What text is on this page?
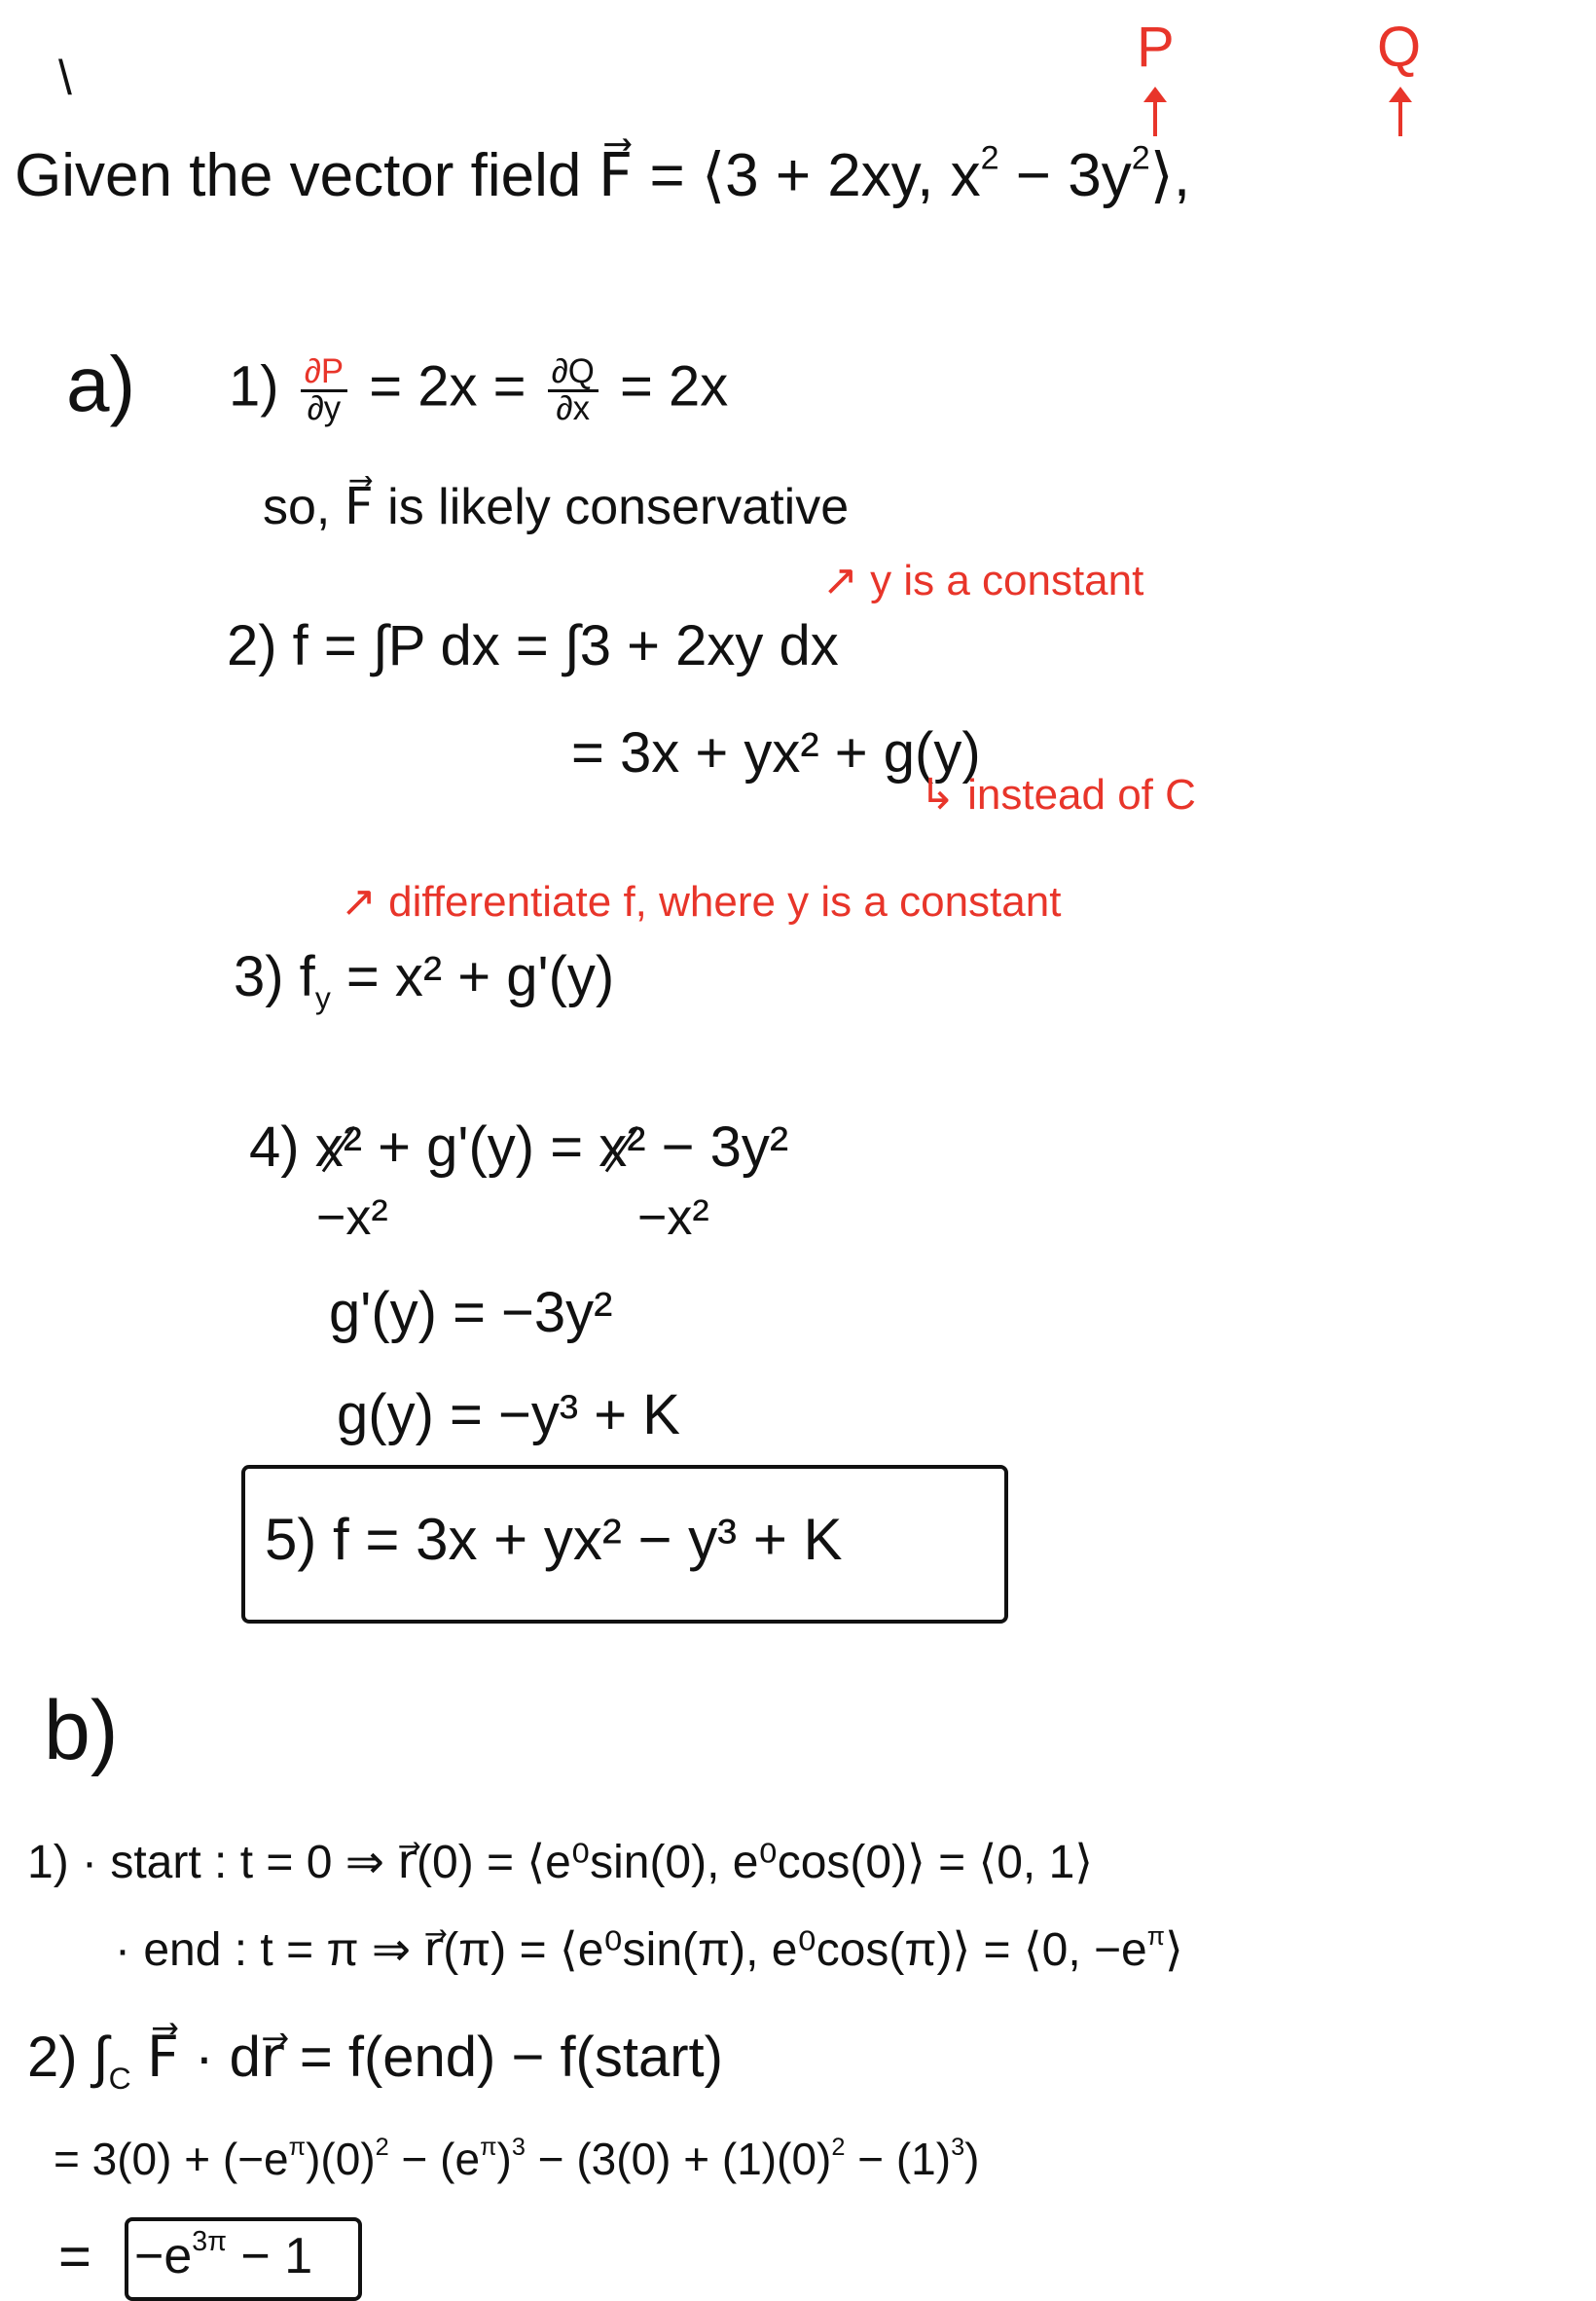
\	P	Q
Given the vector field F⃗ = ⟨3 + 2xy, $x^2$ − $3y^2⟩$,
a) $1) \frac{\partial P}{\partial y} = 2x = \frac{\partial Q}{\partial x} = 2x$
so, F⃗ is likely conservative
↗ y is a constant
2) f = ∫P dx = ∫3 + 2xy dx
= 3x + yx² + g(y)
↳ instead of C
↗ differentiate f, where y is a constant
3) $f_y = x^2 + g'(y)$
4) x² + g'(y) = x² − 3y²
−x²	−x²
g'(y) = −3y²
g(y) = −y³ + K
5) f = 3x + yx² − y³ + K
b)
1) · start : t = 0 ⇒ r⃗(0) = ⟨e⁰sin(0), e⁰cos(0)⟩ = ⟨0, 1⟩
· end : t = π ⇒ r⃗(π) = ⟨e⁰sin(π), e⁰cos(π)⟩ = ⟨0, $-e^\pi⟩$
2) $\int_C$ F⃗ · dr⃗ = f(end) − f(start)
= $3(0) + (-e^\pi)(0)^2 - (e^\pi)^3 - (3(0) + (1)(0)^2 - (1)^3)$
= $-e^{3\pi} - 1$
